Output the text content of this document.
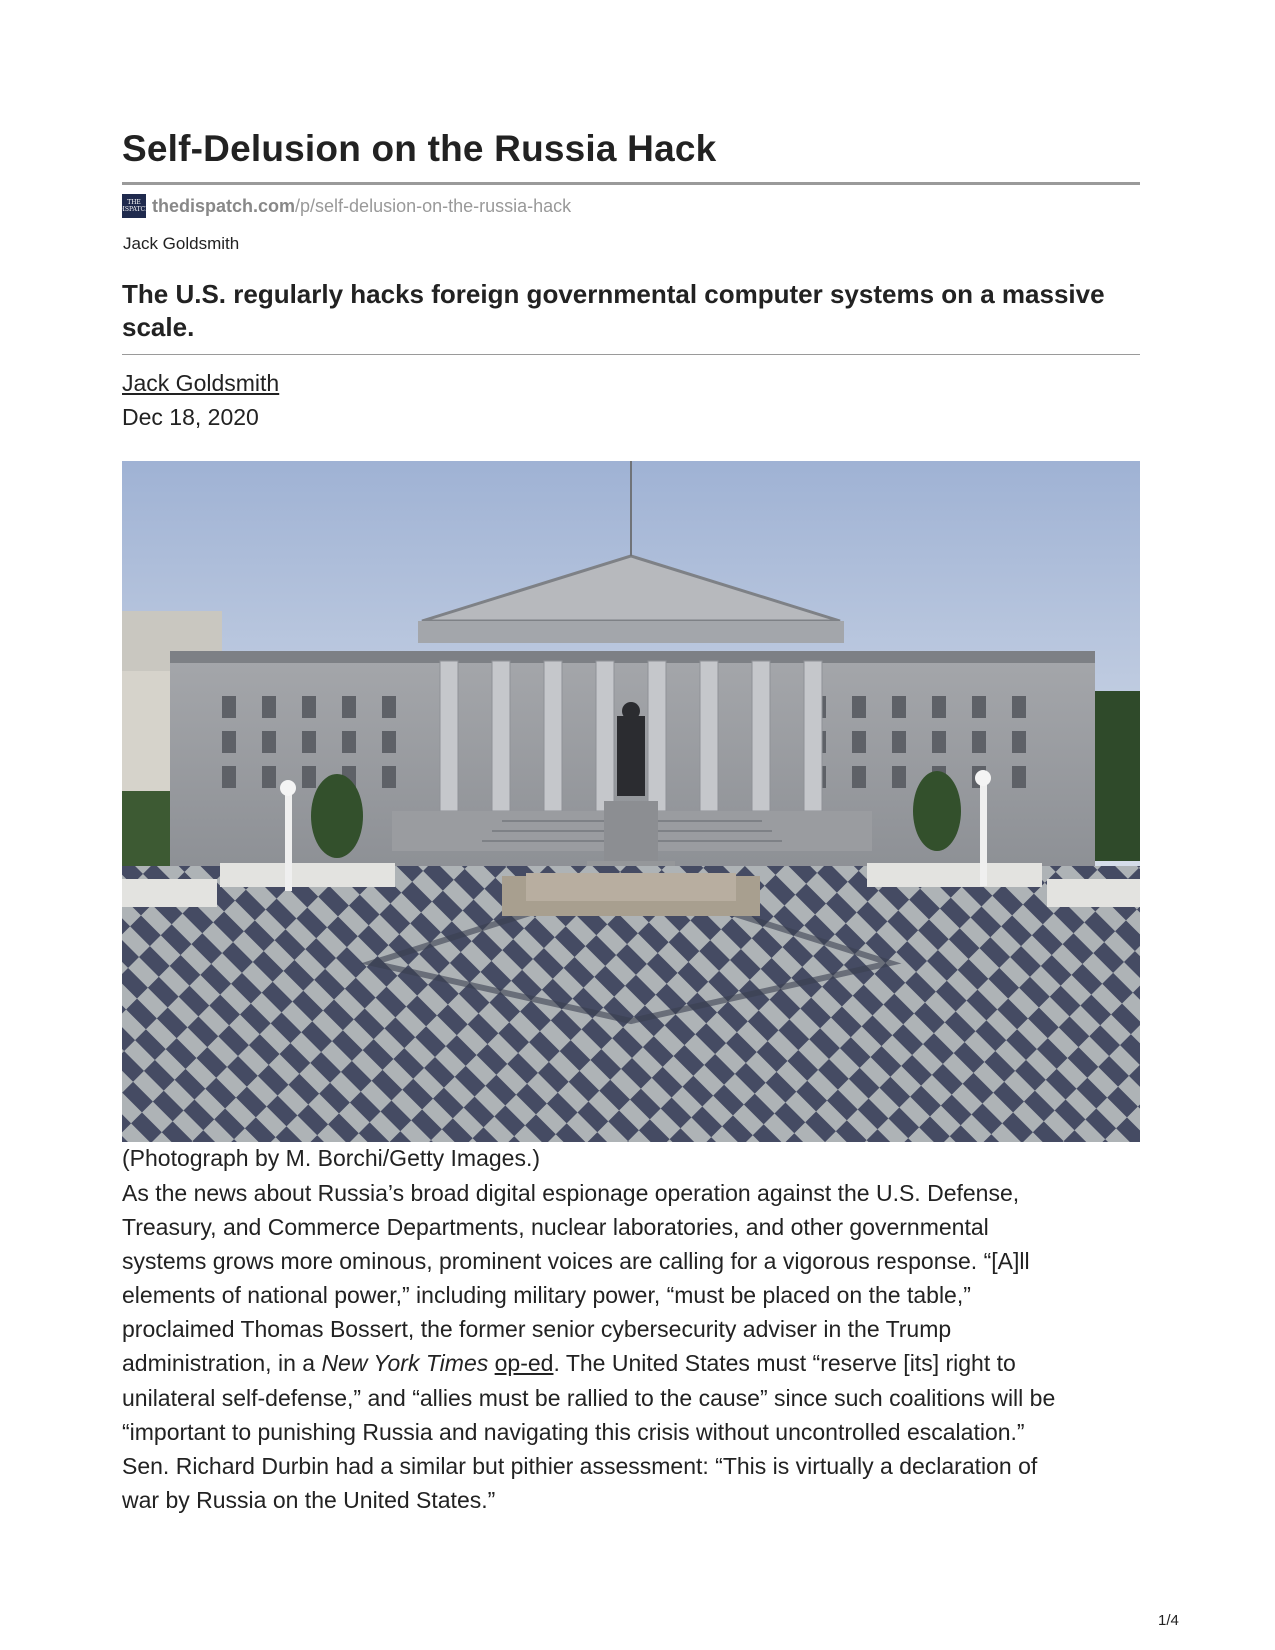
Self-Delusion on the Russia Hack
THE DISPATCH thedispatch.com /p/self-delusion-on-the-russia-hack
Jack Goldsmith
The U.S. regularly hacks foreign governmental computer systems on a massive scale.
Jack Goldsmith
Dec 18, 2020
(Photograph by M. Borchi/Getty Images.)

As the news about Russia’s broad digital espionage operation against the U.S. Defense,
Treasury, and Commerce Departments, nuclear laboratories, and other governmental
systems grows more ominous, prominent voices are calling for a vigorous response. “[A]ll
elements of national power,” including military power, “must be placed on the table,”
proclaimed Thomas Bossert, the former senior cybersecurity adviser in the Trump
administration, in a New York Times op-ed. The United States must “reserve [its] right to
unilateral self-defense,” and “allies must be rallied to the cause” since such coalitions will be
“important to punishing Russia and navigating this crisis without uncontrolled escalation.”
Sen. Richard Durbin had a similar but pithier assessment: “This is virtually a declaration of
war by Russia on the United States.”

1/4
